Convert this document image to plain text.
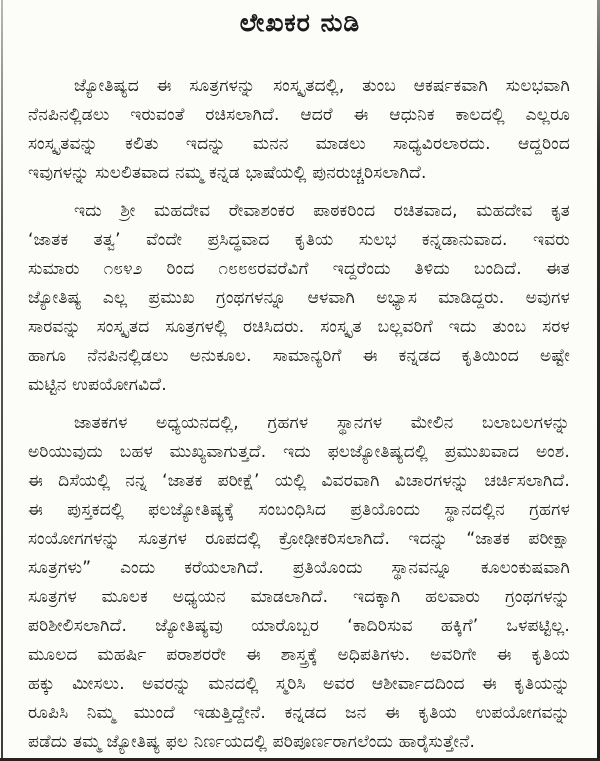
ಲೇಖಕರ ನುಡಿ
ಜ್ಯೋತಿಷ್ಯದ ಈ ಸೂತ್ರಗಳನ್ನು ಸಂಸ್ಕೃತದಲ್ಲಿ, ತುಂಬ ಆಕರ್ಷಕವಾಗಿ ಸುಲಭವಾಗಿ
ನೆನಪಿನಲ್ಲಿಡಲು ಇರುವಂತೆ ರಚಿಸಲಾಗಿದೆ. ಆದರೆ ಈ ಆಧುನಿಕ ಕಾಲದಲ್ಲಿ ಎಲ್ಲರೂ
ಸಂಸ್ಕೃತವನ್ನು ಕಲಿತು ಇದನ್ನು ಮನನ ಮಾಡಲು ಸಾಧ್ಯವಿರಲಾರದು. ಆದ್ದರಿಂದ
ಇವುಗಳನ್ನು ಸುಲಲಿತವಾದ ನಮ್ಮ ಕನ್ನಡ ಭಾಷೆಯಲ್ಲಿ ಪುನರುಚ್ಚರಿಸಲಾಗಿದೆ.
ಇದು ಶ್ರೀ ಮಹದೇವ ರೇವಾಶಂಕರ ಪಾಠಕರಿಂದ ರಚಿತವಾದ, ಮಹದೇವ ಕೃತ
‘ಜಾತಕ ತತ್ವ’ ವೆಂದೇ ಪ್ರಸಿದ್ಧವಾದ ಕೃತಿಯ ಸುಲಭ ಕನ್ನಡಾನುವಾದ. ಇವರು
ಸುಮಾರು ೧೮೪೨ ರಿಂದ ೧೮೮೮ರವರೆವಿಗೆ ಇದ್ದರೆಂದು ತಿಳಿದು ಬಂದಿದೆ. ಈತ
ಜ್ಯೋತಿಷ್ಯ ಎಲ್ಲ ಪ್ರಮುಖ ಗ್ರಂಥಗಳನ್ನೂ ಆಳವಾಗಿ ಅಭ್ಯಾಸ ಮಾಡಿದ್ದರು. ಅವುಗಳ
ಸಾರವನ್ನು ಸಂಸ್ಕೃತದ ಸೂತ್ರಗಳಲ್ಲಿ ರಚಿಸಿದರು. ಸಂಸ್ಕೃತ ಬಲ್ಲವರಿಗೆ ಇದು ತುಂಬ ಸರಳ
ಹಾಗೂ ನೆನಪಿನಲ್ಲಿಡಲು ಅನುಕೂಲ. ಸಾಮಾನ್ಯರಿಗೆ ಈ ಕನ್ನಡದ ಕೃತಿಯಿಂದ ಅಷ್ಟೇ
ಮಟ್ಟಿನ ಉಪಯೋಗವಿದೆ.
ಜಾತಕಗಳ ಅಧ್ಯಯನದಲ್ಲಿ, ಗ್ರಹಗಳ ಸ್ಥಾನಗಳ ಮೇಲಿನ ಬಲಾಬಲಗಳನ್ನು
ಅರಿಯುವುದು ಬಹಳ ಮುಖ್ಯವಾಗುತ್ತದೆ. ಇದು ಫಲಜ್ಯೋತಿಷ್ಯದಲ್ಲಿ ಪ್ರಮುಖವಾದ ಅಂಶ.
ಈ ದಿಸೆಯಲ್ಲಿ ನನ್ನ ‘ಜಾತಕ ಪರೀಕ್ಷೆ’ ಯಲ್ಲಿ ವಿವರವಾಗಿ ವಿಚಾರಗಳನ್ನು ಚರ್ಚಿಸಲಾಗಿದೆ.
ಈ ಪುಸ್ತಕದಲ್ಲಿ ಫಲಜ್ಯೋತಿಷ್ಯಕ್ಕೆ ಸಂಬಂಧಿಸಿದ ಪ್ರತಿಯೊಂದು ಸ್ಥಾನದಲ್ಲಿನ ಗ್ರಹಗಳ
ಸಂಯೋಗಗಳನ್ನು ಸೂತ್ರಗಳ ರೂಪದಲ್ಲಿ ಕ್ರೋಢೀಕರಿಸಲಾಗಿದೆ. ಇದನ್ನು “ಜಾತಕ ಪರೀಕ್ಷಾ
ಸೂತ್ರಗಳು” ಎಂದು ಕರೆಯಲಾಗಿದೆ. ಪ್ರತಿಯೊಂದು ಸ್ಥಾನವನ್ನೂ ಕೂಲಂಕುಷವಾಗಿ
ಸೂತ್ರಗಳ ಮೂಲಕ ಅಧ್ಯಯನ ಮಾಡಲಾಗಿದೆ. ಇದಕ್ಕಾಗಿ ಹಲವಾರು ಗ್ರಂಥಗಳನ್ನು
ಪರಿಶೀಲಿಸಲಾಗಿದೆ. ಜ್ಯೋತಿಷ್ಯವು ಯಾರೊಬ್ಬರ ‘ಕಾದಿರಿಸುವ ಹಕ್ಕಿಗೆ’ ಒಳಪಟ್ಟಿಲ್ಲ.
ಮೂಲದ ಮಹರ್ಷಿ ಪರಾಶರರೇ ಈ ಶಾಸ್ತ್ರಕ್ಕೆ ಅಧಿಪತಿಗಳು. ಅವರಿಗೇ ಈ ಕೃತಿಯ
ಹಕ್ಕು ಮೀಸಲು. ಅವರನ್ನು ಮನದಲ್ಲಿ ಸ್ಮರಿಸಿ ಅವರ ಆಶೀರ್ವಾದದಿಂದ ಈ ಕೃತಿಯನ್ನು
ರೂಪಿಸಿ ನಿಮ್ಮ ಮುಂದೆ ಇಡುತ್ತಿದ್ದೇನೆ. ಕನ್ನಡದ ಜನ ಈ ಕೃತಿಯ ಉಪಯೋಗವನ್ನು
ಪಡೆದು ತಮ್ಮ ಜ್ಯೋತಿಷ್ಯ ಫಲ ನಿರ್ಣಯದಲ್ಲಿ ಪರಿಪೂರ್ಣರಾಗಲೆಂದು ಹಾರೈಸುತ್ತೇನೆ.
